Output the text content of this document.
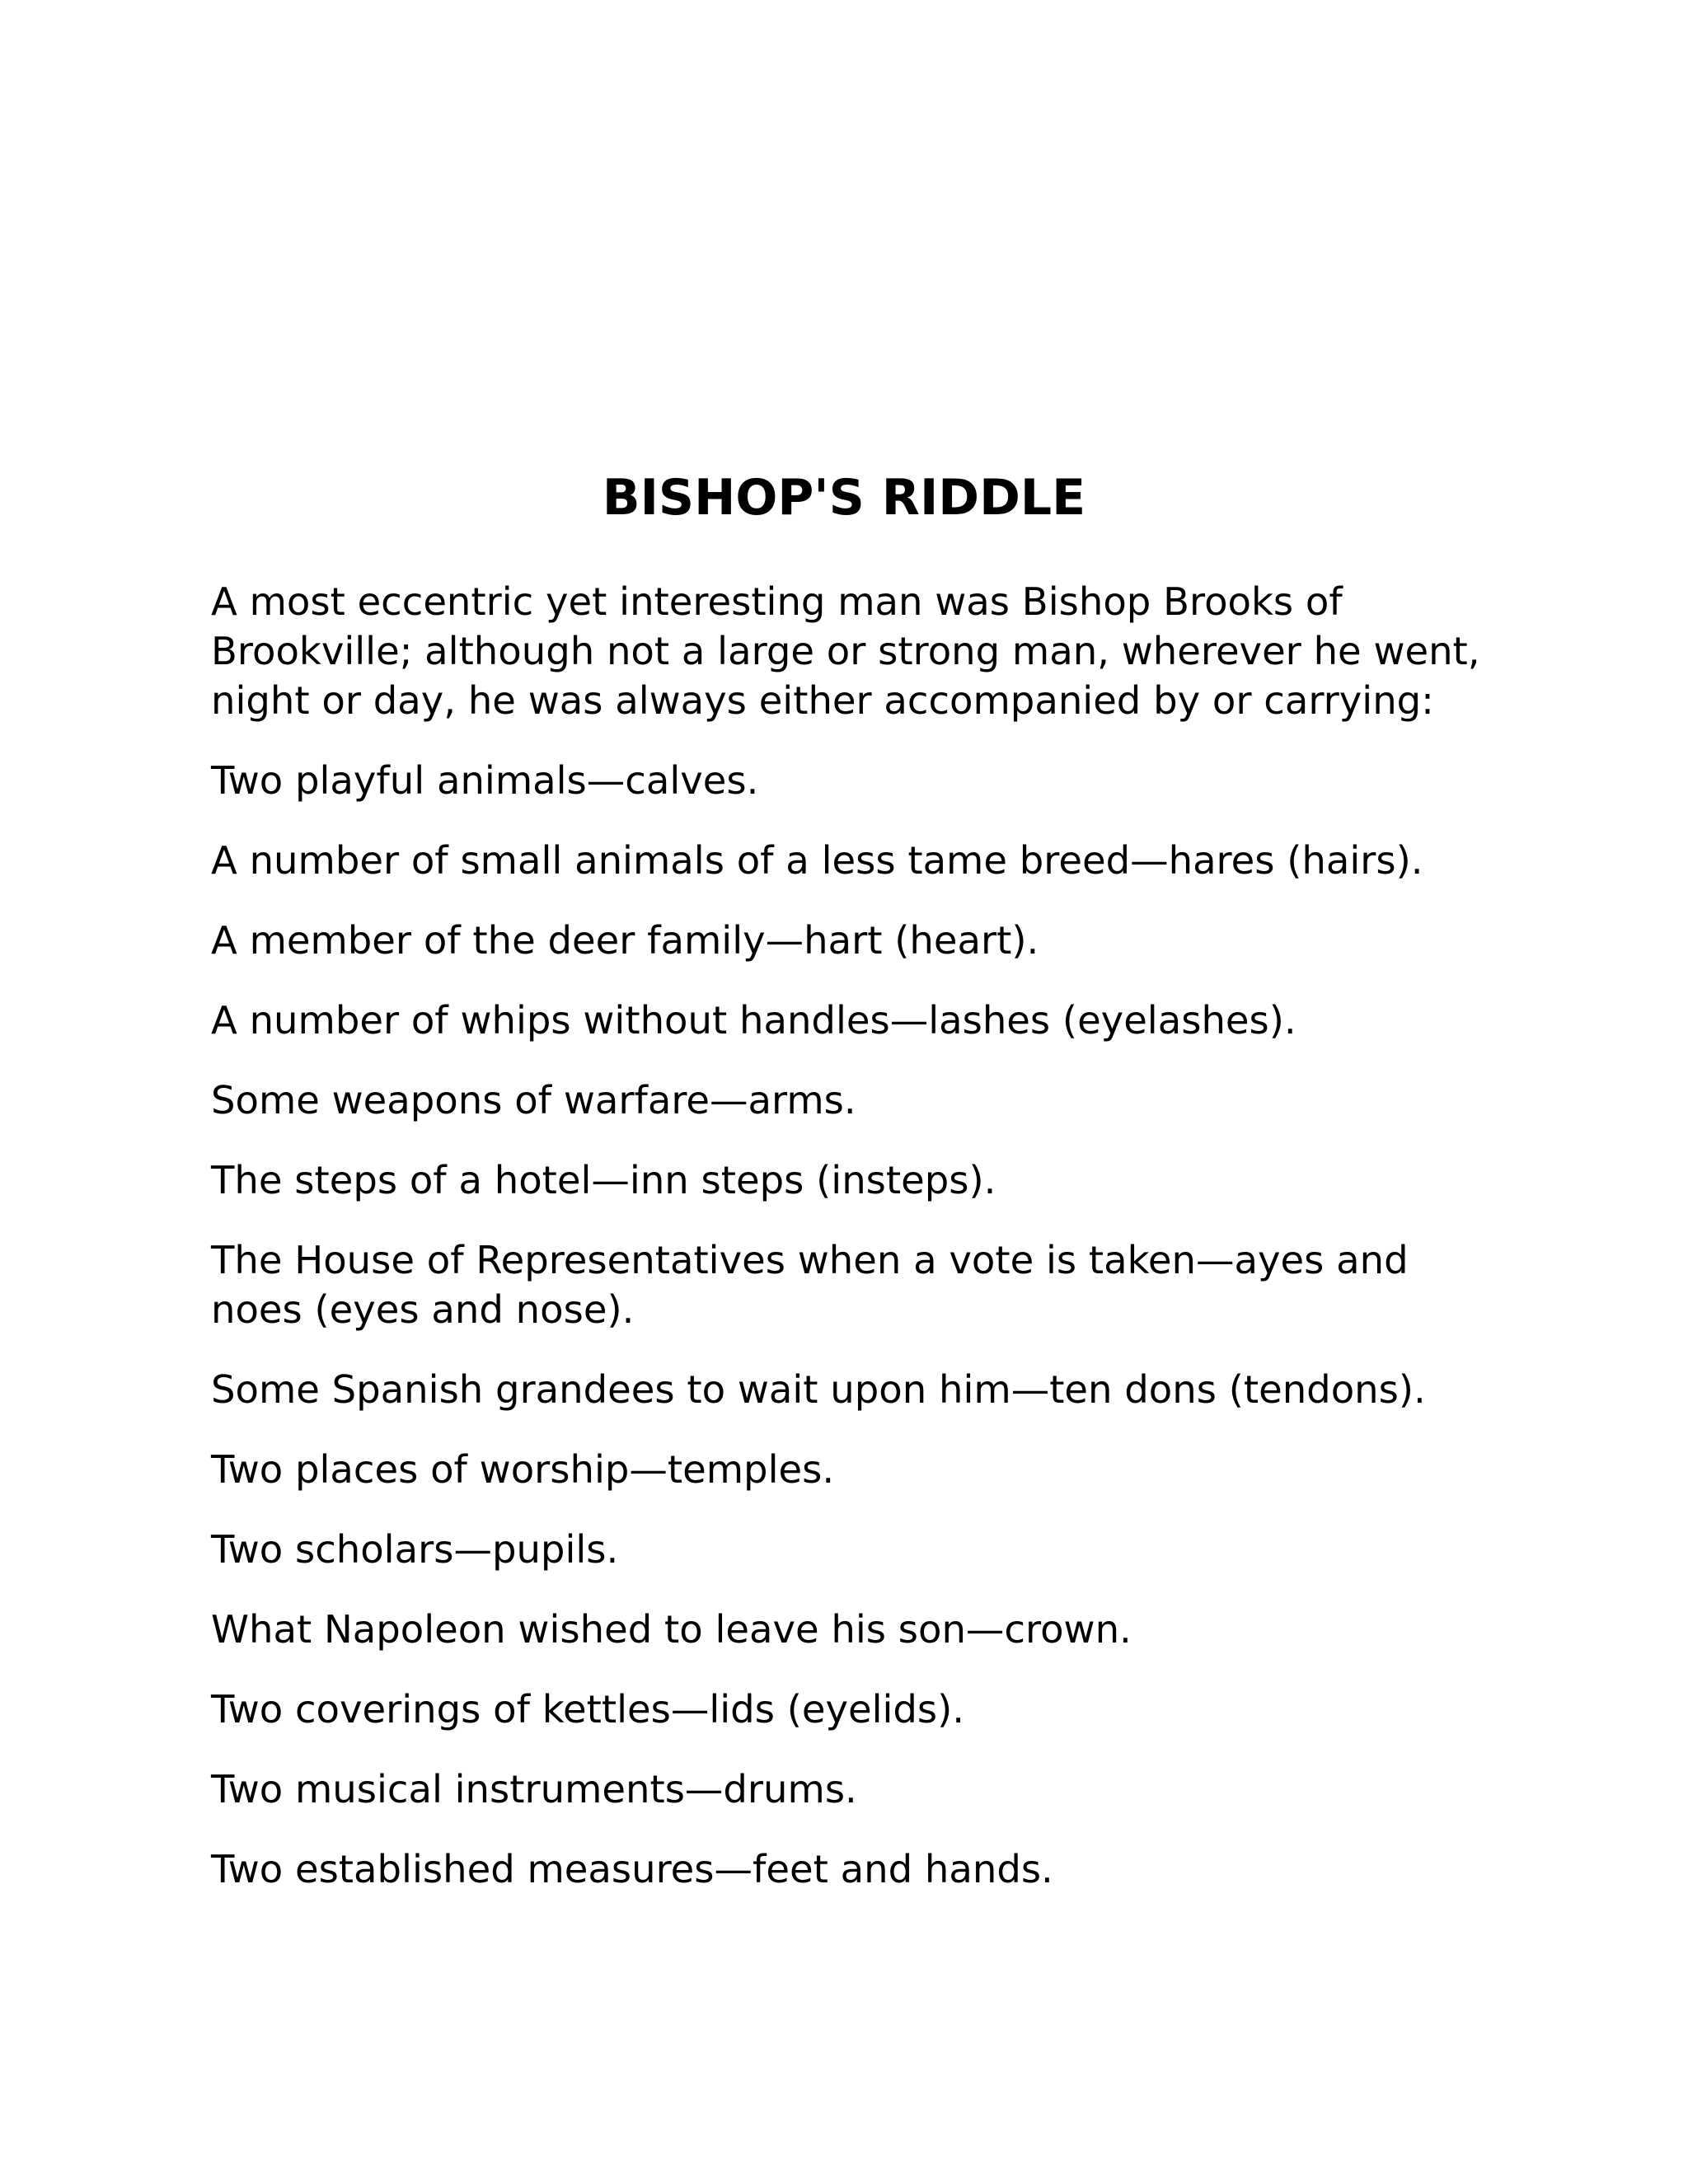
BISHOP'S RIDDLE

A most eccentric yet interesting man was Bishop Brooks of Brookville; although not a large or strong man, wherever he went, night or day, he was always either accompanied by or carrying:

Two playful animals—calves.

A number of small animals of a less tame breed—hares (hairs).

A member of the deer family—hart (heart).

A number of whips without handles—lashes (eyelashes).

Some weapons of warfare—arms.

The steps of a hotel—inn steps (insteps).

The House of Representatives when a vote is taken—ayes and noes (eyes and nose).

Some Spanish grandees to wait upon him—ten dons (tendons).

Two places of worship—temples.

Two scholars—pupils.

What Napoleon wished to leave his son—crown.

Two coverings of kettles—lids (eyelids).

Two musical instruments—drums.

Two established measures—feet and hands.
